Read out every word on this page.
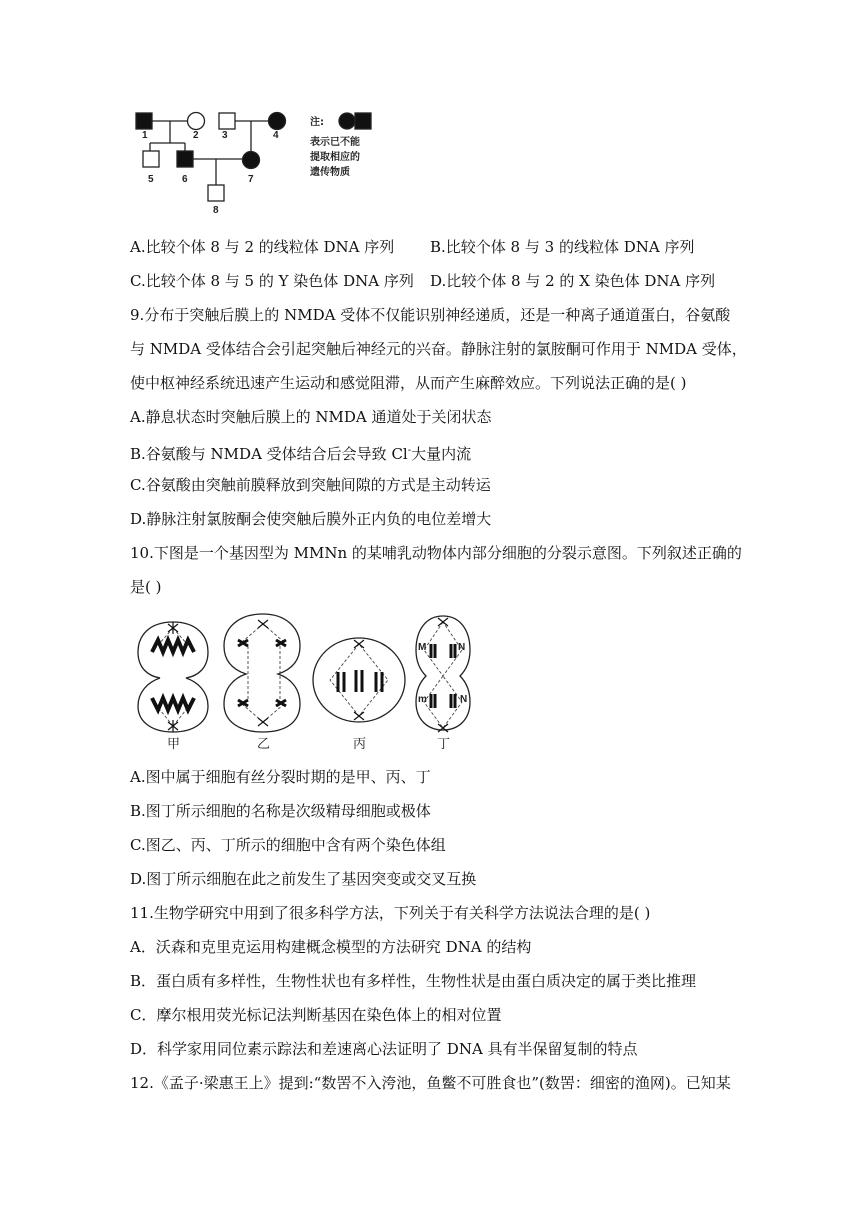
1	2 3	4
5	6	7
8
注:
表示已不能
提取相应的
遗传物质
A.比较个体 8 与 2 的线粒体 DNA 序列 B.比较个体 8 与 3 的线粒体 DNA 序列
C.比较个体 8 与 5 的 Y 染色体 DNA 序列 D.比较个体 8 与 2 的 X 染色体 DNA 序列
9.分布于突触后膜上的 NMDA 受体不仅能识别神经递质，还是一种离子通道蛋白，谷氨酸
与 NMDA 受体结合会引起突触后神经元的兴奋。静脉注射的氯胺酮可作用于 NMDA 受体，
使中枢神经系统迅速产生运动和感觉阻滞，从而产生麻醉效应。下列说法正确的是( )
A.静息状态时突触后膜上的 NMDA 通道处于关闭状态
B.谷氨酸与 NMDA 受体结合后会导致 Cl-大量内流
C.谷氨酸由突触前膜释放到突触间隙的方式是主动转运
D.静脉注射氯胺酮会使突触后膜外正内负的电位差增大
10.下图是一个基因型为 MMNn 的某哺乳动物体内部分细胞的分裂示意图。下列叙述正确的
是( )
M	N
m	N
甲	乙	丙	丁
A.图中属于细胞有丝分裂时期的是甲、丙、丁
B.图丁所示细胞的名称是次级精母细胞或极体
C.图乙、丙、丁所示的细胞中含有两个染色体组
D.图丁所示细胞在此之前发生了基因突变或交叉互换
11.生物学研究中用到了很多科学方法，下列关于有关科学方法说法合理的是( )
A．沃森和克里克运用构建概念模型的方法研究 DNA 的结构
B．蛋白质有多样性，生物性状也有多样性，生物性状是由蛋白质决定的属于类比推理
C．摩尔根用荧光标记法判断基因在染色体上的相对位置
D．科学家用同位素示踪法和差速离心法证明了 DNA 具有半保留复制的特点
12.《孟子·梁惠王上》提到:“数罟不入洿池，鱼鳖不可胜食也”(数罟：细密的渔网)。已知某
